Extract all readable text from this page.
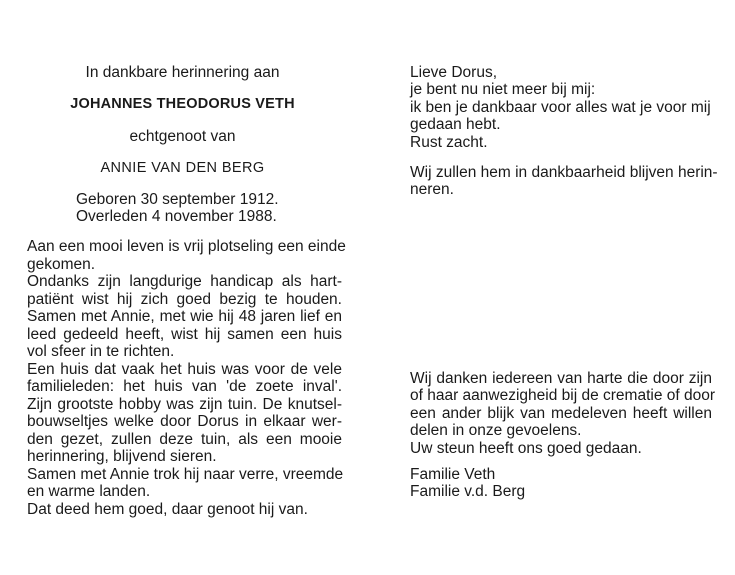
In dankbare herinnering aan
JOHANNES THEODORUS VETH
echtgenoot van
ANNIE VAN DEN BERG
Geboren 30 september 1912.
Overleden 4 november 1988.
Aan een mooi leven is vrij plotseling een einde
gekomen.
Ondanks zijn langdurige handicap als hart-
patiënt wist hij zich goed bezig te houden.
Samen met Annie, met wie hij 48 jaren lief en
leed gedeeld heeft, wist hij samen een huis
vol sfeer in te richten.
Een huis dat vaak het huis was voor de vele
familieleden: het huis van 'de zoete inval'.
Zijn grootste hobby was zijn tuin. De knutsel-
bouwseltjes welke door Dorus in elkaar wer-
den gezet, zullen deze tuin, als een mooie
herinnering, blijvend sieren.
Samen met Annie trok hij naar verre, vreemde
en warme landen.
Dat deed hem goed, daar genoot hij van.
Lieve Dorus,
je bent nu niet meer bij mij:
ik ben je dankbaar voor alles wat je voor mij
gedaan hebt.
Rust zacht.
Wij zullen hem in dankbaarheid blijven herin-
neren.
Wij danken iedereen van harte die door zijn
of haar aanwezigheid bij de crematie of door
een ander blijk van medeleven heeft willen
delen in onze gevoelens.
Uw steun heeft ons goed gedaan.
Familie Veth
Familie v.d. Berg
